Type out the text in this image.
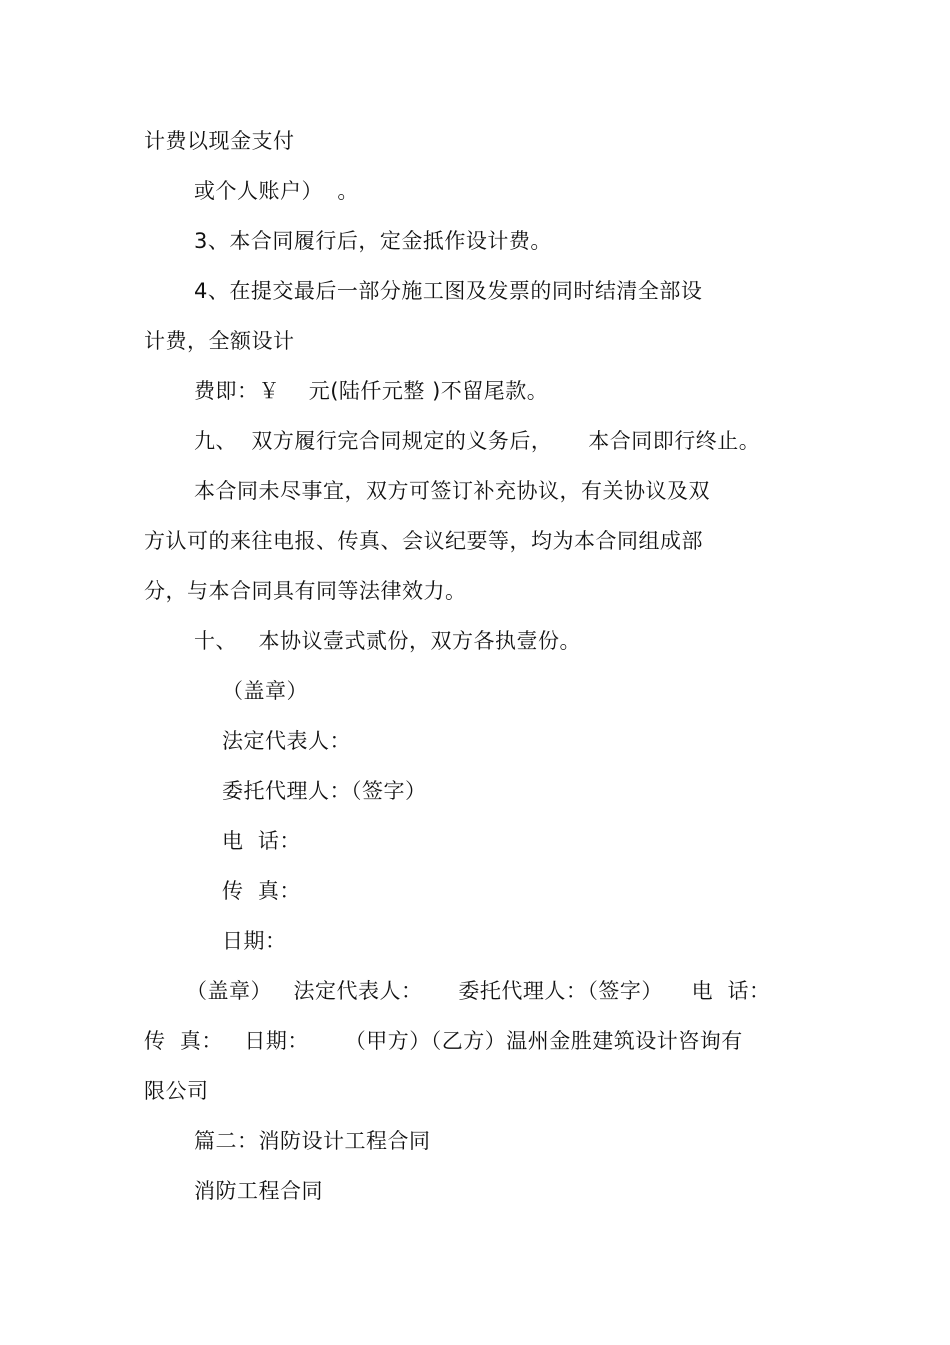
计费以现金支付
或个人账户）  。
3、本合同履行后，定金抵作设计费。
4、在提交最后一部分施工图及发票的同时结清全部设
计费，全额设计
费即：￥    元(陆仟元整 )不留尾款。
九、  双方履行完合同规定的义务后，     本合同即行终止。
本合同未尽事宜，双方可签订补充协议，有关协议及双
方认可的来往电报、传真、会议纪要等，均为本合同组成部
分，与本合同具有同等法律效力。
十、   本协议壹式贰份，双方各执壹份。
（盖章）
法定代表人：
委托代理人：（签字）
电  话：
传  真：
日期：
（盖章）   法定代表人：     委托代理人：（签字）    电  话：
传  真：   日期：     （甲方）（乙方）温州金胜建筑设计咨询有
限公司
篇二：消防设计工程合同
消防工程合同
